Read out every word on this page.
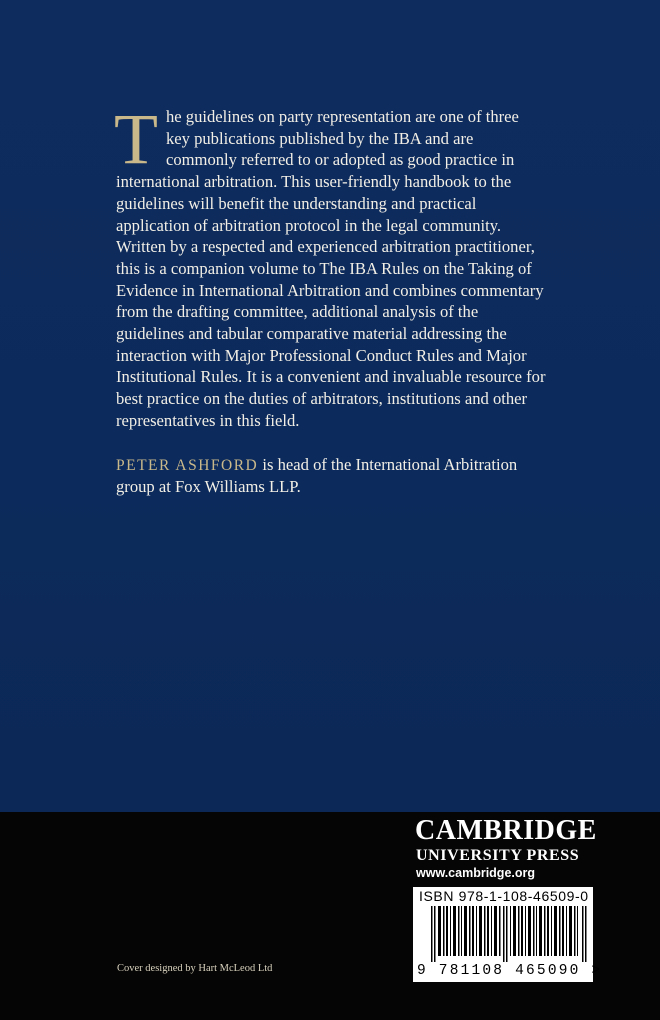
The guidelines on party representation are one of three key publications published by the IBA and are commonly referred to or adopted as good practice in international arbitration. This user-friendly handbook to the guidelines will benefit the understanding and practical application of arbitration protocol in the legal community. Written by a respected and experienced arbitration practitioner, this is a companion volume to The IBA Rules on the Taking of Evidence in International Arbitration and combines commentary from the drafting committee, additional analysis of the guidelines and tabular comparative material addressing the interaction with Major Professional Conduct Rules and Major Institutional Rules. It is a convenient and invaluable resource for best practice on the duties of arbitrators, institutions and other representatives in this field.

PETER ASHFORD is head of the International Arbitration group at Fox Williams LLP.

Cover designed by Hart McLeod Ltd
CAMBRIDGE
UNIVERSITY PRESS
www.cambridge.org
ISBN 978-1-108-46509-0
9 781108 465090 >
